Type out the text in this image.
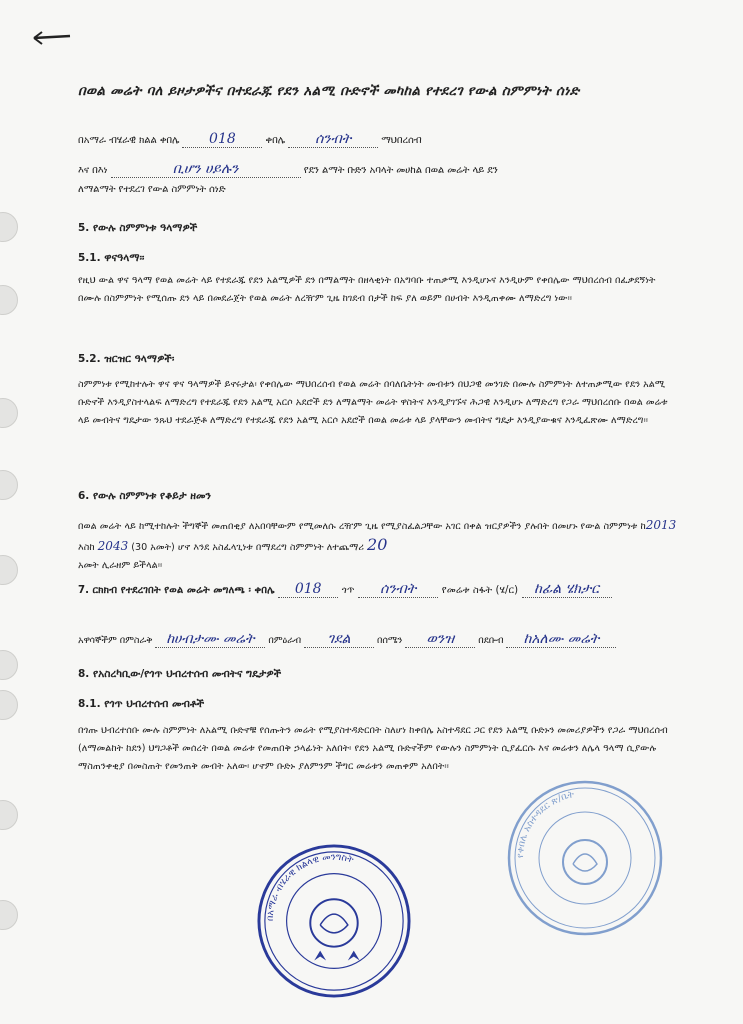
በወል መሬት ባለ ይዞታዎችና በተደራጁ የደን አልሚ ቡድኖች መካከል የተደረገ የውል ስምምነት ሰነድ
በአማራ ብሄራዊ ክልል ቀበሌ 018	ቀበሌ ሰንብት	ማህበረሰብ
እና በእነ	ቢሆን ሀይሉን	የደን ልማት ቡድን አባላት መሀከል በወል መሬት ላይ ደን
ለማልማት የተደረገ የውል ስምምነት ሰነድ
5. የውሉ ስምምነቱ ዓላማዎች
5.1. ዋናዓላማ፡፡
የዚህ ውል ዋና ዓላማ የወል መሬት ላይ የተደራጁ የደን አልሚዎች ደን በማልማት በዘላቂነት በአግባቡ ተጠቃሚ እንዲሆኑና እንዲሁም የቀበሌው ማህበረሰብ በፈቃደኝነት በሙሉ በስምምነት የሚሰጡ ደን ላይ በመደራጀት የወል መሬት ለረዥም ጊዜ ከገደብ በታች ከፍ ያለ ወይም በሀብት እንዲጠቀሙ ለማድረግ ነው፡፡
5.2. ዝርዝር ዓላማዎች፡
ስምምነቱ የሚከተሉት ዋና ዋና ዓላማዎች ይኖሩታል፡ የቀበሌው ማህበረሰብ የወል መሬት በባለቤትነት መብቱን በህጋዊ መንገድ በሙሉ ስምምነት ለተጠቃሚው የደን አልሚ ቡድኖች እንዲያስተላልፍ ለማድረግ የተደራጁ የደን አልሚ አርሶ አደሮች ደን ለማልማት መሬት ዋስትና እንዲያገኙና ሕጋዊ እንዲሆኑ ለማድረግ የጋራ ማህበረሰቡ በወል መሬቱ ላይ መብትና ግዴታው ንጹህ ተደራጅቶ ለማድረግ የተደራጁ የደን አልሚ አርሶ አደሮች በወል መሬቱ ላይ ያላቸውን መብትና ግዴታ እንዲያውቁና እንዲፈጽሙ ለማድረግ፡፡
6. የውሉ ስምምነቱ የቆይታ ዘመን
በወል መሬት ላይ ከሚተከሉት ችግኞች መጠበቂያ ለአበባቸውም የሚመለሱ ረዥም ጊዜ የሚያስፈልጋቸው አገር በቀል ዝርያዎችን ያሉበት በመሆኑ የውል ስምምነቱ ከ2013 እስከ 2043 (30 አመት) ሆኖ እንደ አስፈላጊነቱ በማደረግ ስምምነት ለተጨማሪ 20
አመት ሊራዘም ይችላል፡፡
7. ርክክብ የተደረገበት የወል መሬት መግለጫ ፡ ቀበሌ 018 ጎጥ ሰንብት የመሬቱ ስፋት (ሄ/ር) ከፊል ሄክታር
አዋሳኞችም በምስራቅ ከሀብታሙ መሬት በምዕራብ ገደል	በሰሜን ወንዝ	በደቡብ ከአለሙ መሬት
8. የአስረካቢው/የጎጥ ህብረተሰብ መብትና ግዴታዎች
8.1. የጎጥ ህብረተሰብ መብቶች
በጎጡ ህብረተሰቡ ሙሉ ስምምነት ለአልሚ ቡድኖቹ የሰጡትን መሬት የሚያስተዳድርበት ስለሆነ ከቀበሌ አስተዳደር ጋር የደን አልሚ ቡድኑን መመሪያዎችን የጋራ ማህበረሰብ (ለማመልከት ከደን) ህግጋቶች መሰረት በወል መሬቱ የመጠበቅ ኃላፊነት አለበት፡ የደን አልሚ ቡድኖችም የውሉን ስምምነት ሲያፈርሱ እና መሬቱን ለሌላ ዓላማ ሲያውሉ ማስጠንቀቂያ በመስጠት የመንጠቅ መብት አለው፡ ሆኖም ቡድኑ ያለምንም ችግር መሬቱን መጠቀም አለበት፡፡
በአማራ ብሄራዊ ክልላዊ መንግስት	የቀበሌ አስተዳደር ጽ/ቤት
